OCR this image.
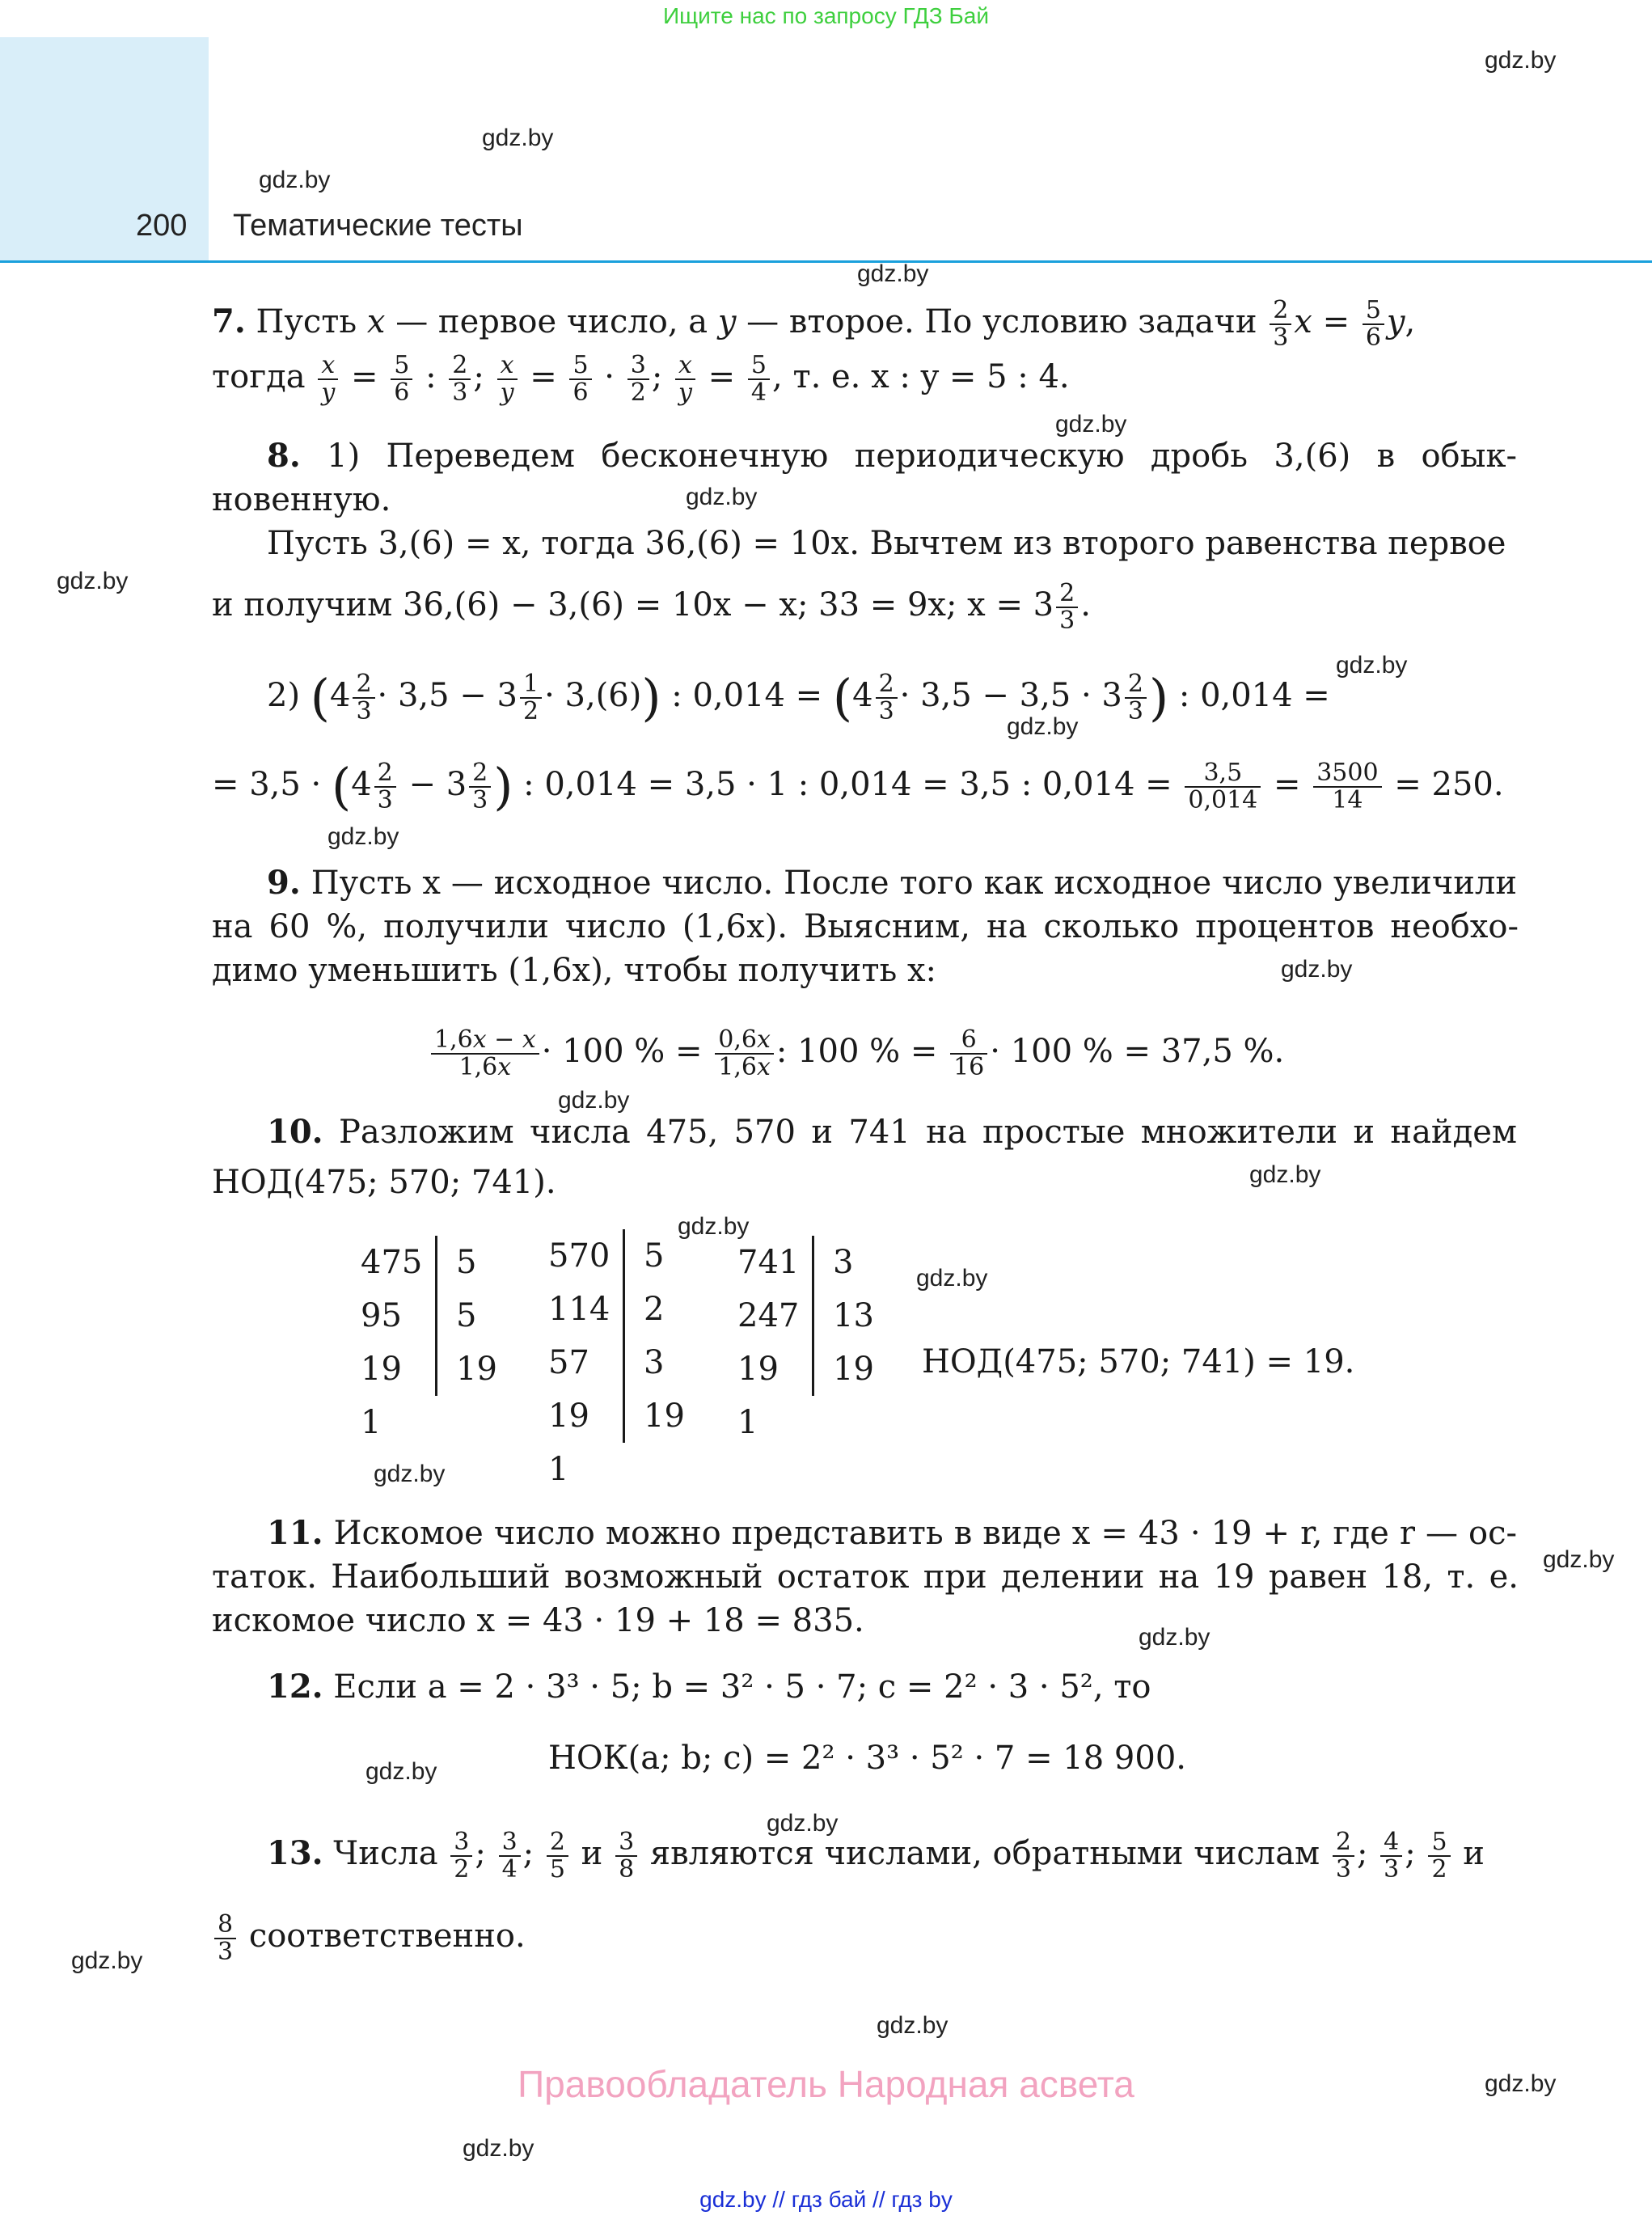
Ищите нас по запросу ГДЗ Бай
200 Тематические тесты
gdz.by
gdz.by
gdz.by
gdz.by
gdz.by
gdz.by
gdz.by
gdz.by
gdz.by
gdz.by
gdz.by
gdz.by
gdz.by
gdz.by
gdz.by
gdz.by
gdz.by
gdz.by
gdz.by
gdz.by
gdz.by
gdz.by
gdz.by
gdz.by
7. Пусть x — первое число, а y — второе. По условию задачи $\frac{2}{3}$ $x = \frac{5}{6} y$,
тогда $\frac{x}{y} = \frac{5}{6}$ : $\frac{2}{3}$ ; $\frac{x}{y} = \frac{5}{6} \cdot \frac{3}{2}$ ; $\frac{x}{y} = \frac{5}{4}$ , т. е. x : y = 5 : 4.
8. 1) Переведем бесконечную периодическую дробь 3,(6) в обык-
новенную.
Пусть 3,(6) = x, тогда 36,(6) = 10x. Вычтем из второго равенства первое
и получим 36,(6) − 3,(6) = 10x − x; 33 = 9x; $x = 3 \frac{2}{3}$ .
2) $(4 \frac{2}{3} \cdot 3,5 - 3 \frac{1}{2} \cdot 3,(6))$ : $0,014 = (4 \frac{2}{3} \cdot 3,5 - 3,5 \cdot 3 \frac{2}{3}$ ) : 0,014 =
= $3,5 \cdot (4 \frac{2}{3} - 3 \frac{2}{3}$ ) : 0,014 = 3,5 · 1 : 0,014 = 3,5 : $0,014 = \frac{3,5}{0,014} = \frac{3500}{14} = 250$.
9. Пусть x — исходное число. После того как исходное число увеличили
на 60 %, получили число (1,6x). Выясним, на сколько процентов необхо-
димо уменьшить (1,6x), чтобы получить x:
$\frac{1,6x - x}{1,6x} \cdot 100$ % = $\frac{0,6x}{1,6x}$ : 100 % = $\frac{6}{16} \cdot 100$ % = 37,5 %.
10. Разложим числа 475, 570 и 741 на простые множители и найдем
НОД(475; 570; 741).
475
95
19
1
5
5
19
570
114
57
19
1
5
2
3
19
741
247
19
1
3
13
19 НОД(475; 570; 741) = 19.
11. Искомое число можно представить в виде x = 43 · 19 + r, где r — ос-
таток. Наибольший возможный остаток при делении на 19 равен 18, т. е.
искомое число x = 43 · 19 + 18 = 835.
12. Если a = 2 · 3³ · 5; b = 3² · 5 · 7; c = 2² · 3 · 5², то
НОК(a; b; c) = 2² · 3³ · 5² · 7 = 18 900.
13. Числа $\frac{3}{2}$ ; $\frac{3}{4}$ ; $\frac{2}{5}$ и $\frac{3}{8}$ являются числами, обратными числам $\frac{2}{3}$ ; $\frac{4}{3}$ ; $\frac{5}{2}$ и
$\frac{8}{3}$ соответственно.
Правообладатель Народная асвета
gdz.by // гдз бай // гдз by
